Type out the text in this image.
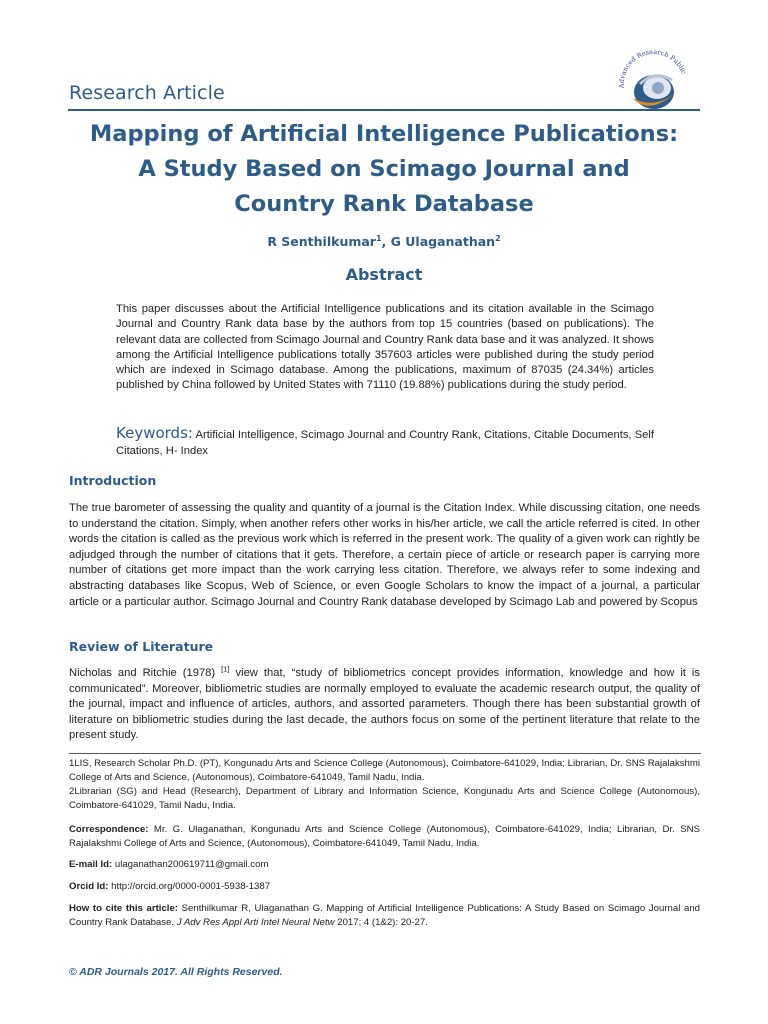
Advanced Research Public
Research Article
Mapping of Artificial Intelligence Publications:
A Study Based on Scimago Journal and
Country Rank Database
R Senthilkumar$^1$, G Ulaganathan$^2$
Abstract
This paper discusses about the Artificial Intelligence publications and its citation available in the Scimago Journal and Country Rank data base by the authors from top 15 countries (based on publications). The relevant data are collected from Scimago Journal and Country Rank data base and it was analyzed. It shows among the Artificial Intelligence publications totally 357603 articles were published during the study period which are indexed in Scimago database. Among the publications, maximum of 87035 (24.34%) articles published by China followed by United States with 71110 (19.88%) publications during the study period.
Keywords: Artificial Intelligence, Scimago Journal and Country Rank, Citations, Citable Documents, Self Citations, H- Index
Introduction
The true barometer of assessing the quality and quantity of a journal is the Citation Index. While discussing citation, one needs to understand the citation. Simply, when another refers other works in his/her article, we call the article referred is cited. In other words the citation is called as the previous work which is referred in the present work. The quality of a given work can rightly be adjudged through the number of citations that it gets. Therefore, a certain piece of article or research paper is carrying more number of citations get more impact than the work carrying less citation. Therefore, we always refer to some indexing and abstracting databases like Scopus, Web of Science, or even Google Scholars to know the impact of a journal, a particular article or a particular author. Scimago Journal and Country Rank database developed by Scimago Lab and powered by Scopus
Review of Literature
Nicholas and Ritchie (1978) [1] view that, “study of bibliometrics concept provides information, knowledge and how it is communicated”. Moreover, bibliometric studies are normally employed to evaluate the academic research output, the quality of the journal, impact and influence of articles, authors, and assorted parameters. Though there has been substantial growth of literature on bibliometric studies during the last decade, the authors focus on some of the pertinent literature that relate to the present study.
1LIS, Research Scholar Ph.D. (PT), Kongunadu Arts and Science College (Autonomous), Coimbatore-641029, India; Librarian, Dr. SNS Rajalakshmi College of Arts and Science, (Autonomous), Coimbatore-641049, Tamil Nadu, India.
2Librarian (SG) and Head (Research), Department of Library and Information Science, Kongunadu Arts and Science College (Autonomous), Coimbatore-641029, Tamil Nadu, India.
Correspondence: Mr. G. Ulaganathan, Kongunadu Arts and Science College (Autonomous), Coimbatore-641029, India; Librarian, Dr. SNS Rajalakshmi College of Arts and Science, (Autonomous), Coimbatore-641049, Tamil Nadu, India.
E-mail Id: ulaganathan200619711@gmail.com
Orcid Id: http://orcid.org/0000-0001-5938-1387
How to cite this article: Senthilkumar R, Ulaganathan G. Mapping of Artificial Intelligence Publications: A Study Based on Scimago Journal and Country Rank Database. J Adv Res Appl Arti Intel Neural Netw 2017; 4 (1&2): 20-27.
© ADR Journals 2017. All Rights Reserved.
